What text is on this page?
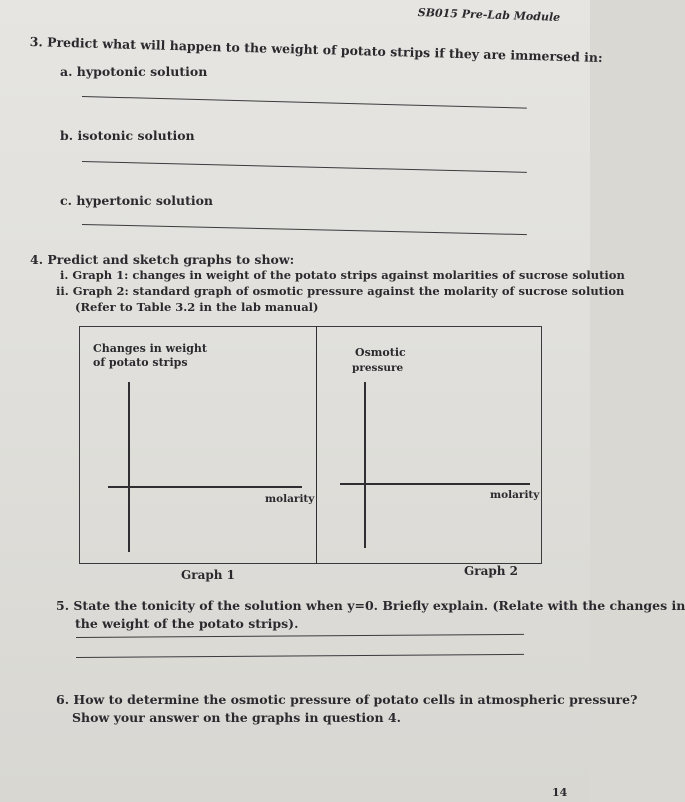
SB015 Pre-Lab Module
3. Predict what will happen to the weight of potato strips if they are immersed in:
a. hypotonic solution
b. isotonic solution
c. hypertonic solution
4. Predict and sketch graphs to show:
i. Graph 1: changes in weight of the potato strips against molarities of sucrose solution
ii. Graph 2: standard graph of osmotic pressure against the molarity of sucrose solution
(Refer to Table 3.2 in the lab manual)
Changes in weight
of potato strips
molarity
Graph 1
Osmotic
pressure
molarity
Graph 2
5. State the tonicity of the solution when y=0. Briefly explain. (Relate with the changes in
the weight of the potato strips).
6. How to determine the osmotic pressure of potato cells in atmospheric pressure?
Show your answer on the graphs in question 4.
14
